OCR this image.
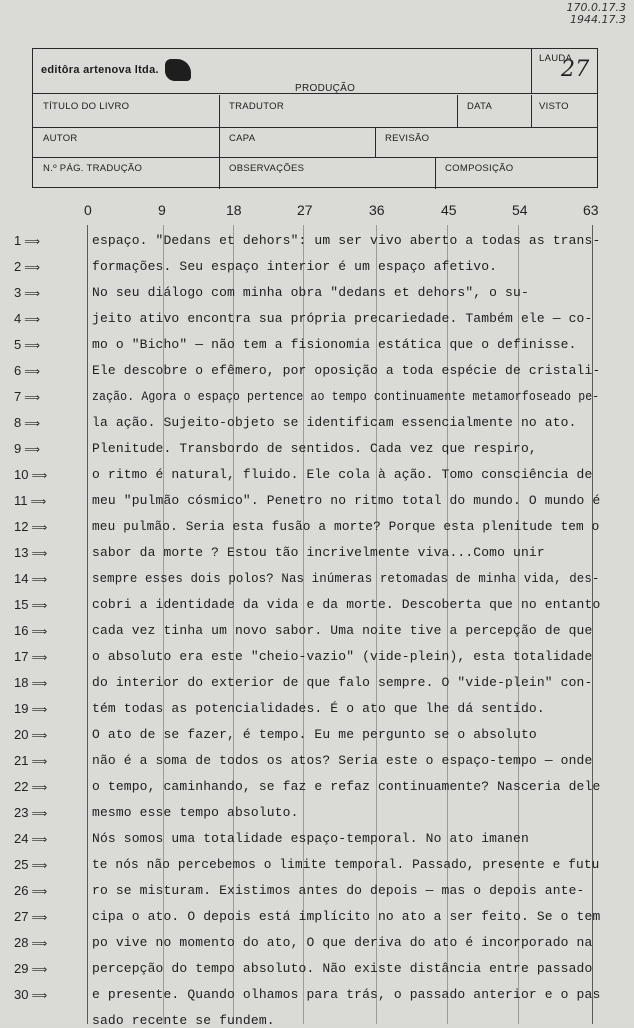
170.0.17.3
1944.17.3
editôra artenova ltda.
LAUDA
27
PRODUÇÃO
TÍTULO DO LIVRO	TRADUTOR	DATA	VISTO
AUTOR	CAPA	REVISÃO
N.º PÁG. TRADUÇÃO	OBSERVAÇÕES	COMPOSIÇÃO
0	9	18	27	36	45	54	63
1 ⟹	espaço. "Dedans et dehors": um ser vivo aberto a todas as trans-
2 ⟹	formações. Seu espaço interior é um espaço afetivo.
3 ⟹	No seu diálogo com minha obra "dedans et dehors", o su-
4 ⟹	jeito ativo encontra sua própria precariedade. Também ele — co-
5 ⟹	mo o "Bicho" — não tem a fisionomia estática que o definisse.
6 ⟹	Ele descobre o efêmero, por oposição a toda espécie de cristali-
7 ⟹	zação. Agora o espaço pertence ao tempo continuamente metamorfoseado pe-
8 ⟹	la ação. Sujeito-objeto se identificam essencialmente no ato.
9 ⟹	Plenitude. Transbordo de sentidos. Cada vez que respiro,
10 ⟹	o ritmo é natural, fluido. Ele cola à ação. Tomo consciência de
11 ⟹	meu "pulmão cósmico". Penetro no ritmo total do mundo. O mundo é
12 ⟹	meu pulmão. Seria esta fusão a morte? Porque esta plenitude tem o
13 ⟹	sabor da morte ? Estou tão incrivelmente viva...Como unir
14 ⟹	sempre esses dois polos? Nas inúmeras retomadas de minha vida, des-
15 ⟹	cobri a identidade da vida e da morte. Descoberta que no entanto
16 ⟹	cada vez tinha um novo sabor. Uma noite tive a percepção de que
17 ⟹	o absoluto era este "cheio-vazio" (vide-plein), esta totalidade
18 ⟹	do interior do exterior de que falo sempre. O "vide-plein" con-
19 ⟹	tém todas as potencialidades. É o ato que lhe dá sentido.
20 ⟹	O ato de se fazer, é tempo. Eu me pergunto se o absoluto
21 ⟹	não é a soma de todos os atos? Seria este o espaço-tempo — onde
22 ⟹	o tempo, caminhando, se faz e refaz continuamente? Nasceria dele
23 ⟹	mesmo esse tempo absoluto.
24 ⟹	Nós somos uma totalidade espaço-temporal. No ato imanen
25 ⟹	te nós não percebemos o limite temporal. Passado, presente e futu
26 ⟹	ro se misturam. Existimos antes do depois — mas o depois ante-
27 ⟹	cipa o ato. O depois está implícito no ato a ser feito. Se o tem
28 ⟹	po vive no momento do ato, O que deriva do ato é incorporado na
29 ⟹	percepção do tempo absoluto. Não existe distância entre passado
30 ⟹	e presente. Quando olhamos para trás, o passado anterior e o pas
sado recente se fundem.
